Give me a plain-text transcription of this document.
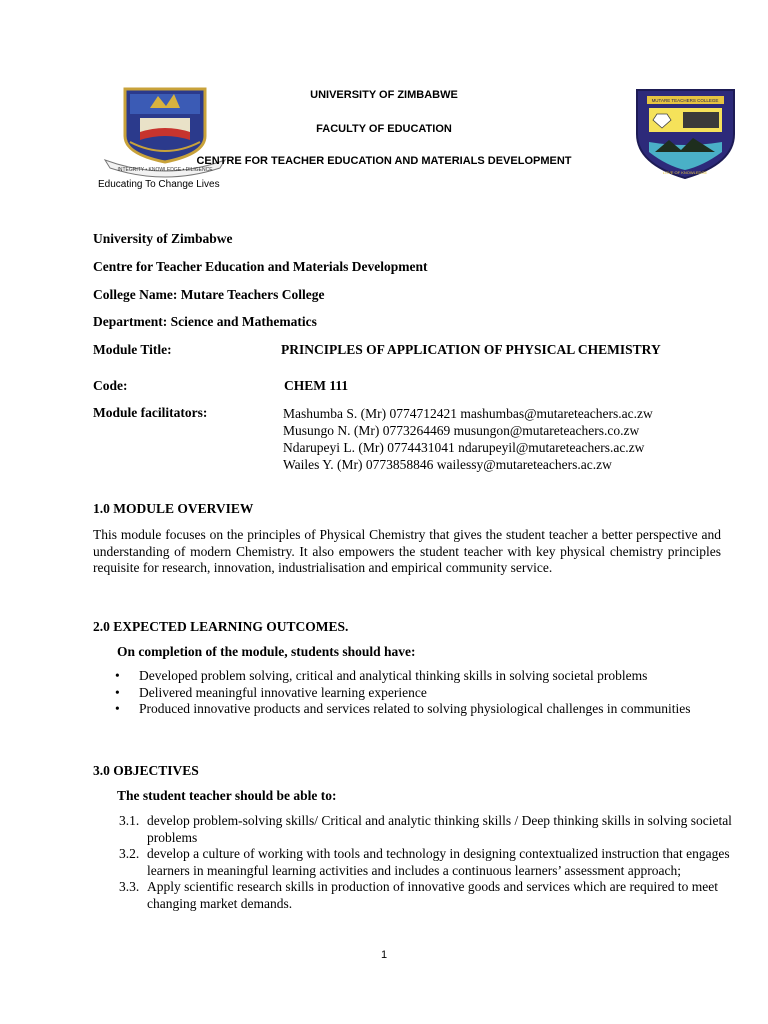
INTEGRITY • KNOWLEDGE • DILIGENCE
Educating To Change Lives
MUTARE TEACHERS COLLEGE
LOVE OF KNOWLEDGE
UNIVERSITY OF ZIMBABWE
FACULTY OF EDUCATION
CENTRE FOR TEACHER EDUCATION AND MATERIALS DEVELOPMENT
University of Zimbabwe
Centre for Teacher Education and Materials Development
College Name: Mutare Teachers College
Department: Science and Mathematics
Module Title:	PRINCIPLES OF APPLICATION OF PHYSICAL CHEMISTRY
Code:	CHEM 111
Module facilitators:	Mashumba S. (Mr) 0774712421 mashumbas@mutareteachers.ac.zw
Musungo N. (Mr) 0773264469 musungon@mutareteachers.co.zw
Ndarupeyi L. (Mr) 0774431041 ndarupeyil@mutareteachers.ac.zw
Wailes Y. (Mr) 0773858846 wailessy@mutareteachers.ac.zw
1.0 MODULE OVERVIEW
This module focuses on the principles of Physical Chemistry that gives the student teacher a better perspective and understanding of modern Chemistry. It also empowers the student teacher with key physical chemistry principles requisite for research, innovation, industrialisation and empirical community service.
2.0 EXPECTED LEARNING OUTCOMES.
On completion of the module, students should have:
• Developed problem solving, critical and analytical thinking skills in solving societal problems
• Delivered meaningful innovative learning experience
• Produced innovative products and services related to solving physiological challenges in communities
3.0 OBJECTIVES
The student teacher should be able to:
3.1. develop problem-solving skills/ Critical and analytic thinking skills / Deep thinking skills in solving societal problems
3.2. develop a culture of working with tools and technology in designing contextualized instruction that engages learners in meaningful learning activities and includes a continuous learners’ assessment approach;
3.3. Apply scientific research skills in production of innovative goods and services which are required to meet changing market demands.
1
